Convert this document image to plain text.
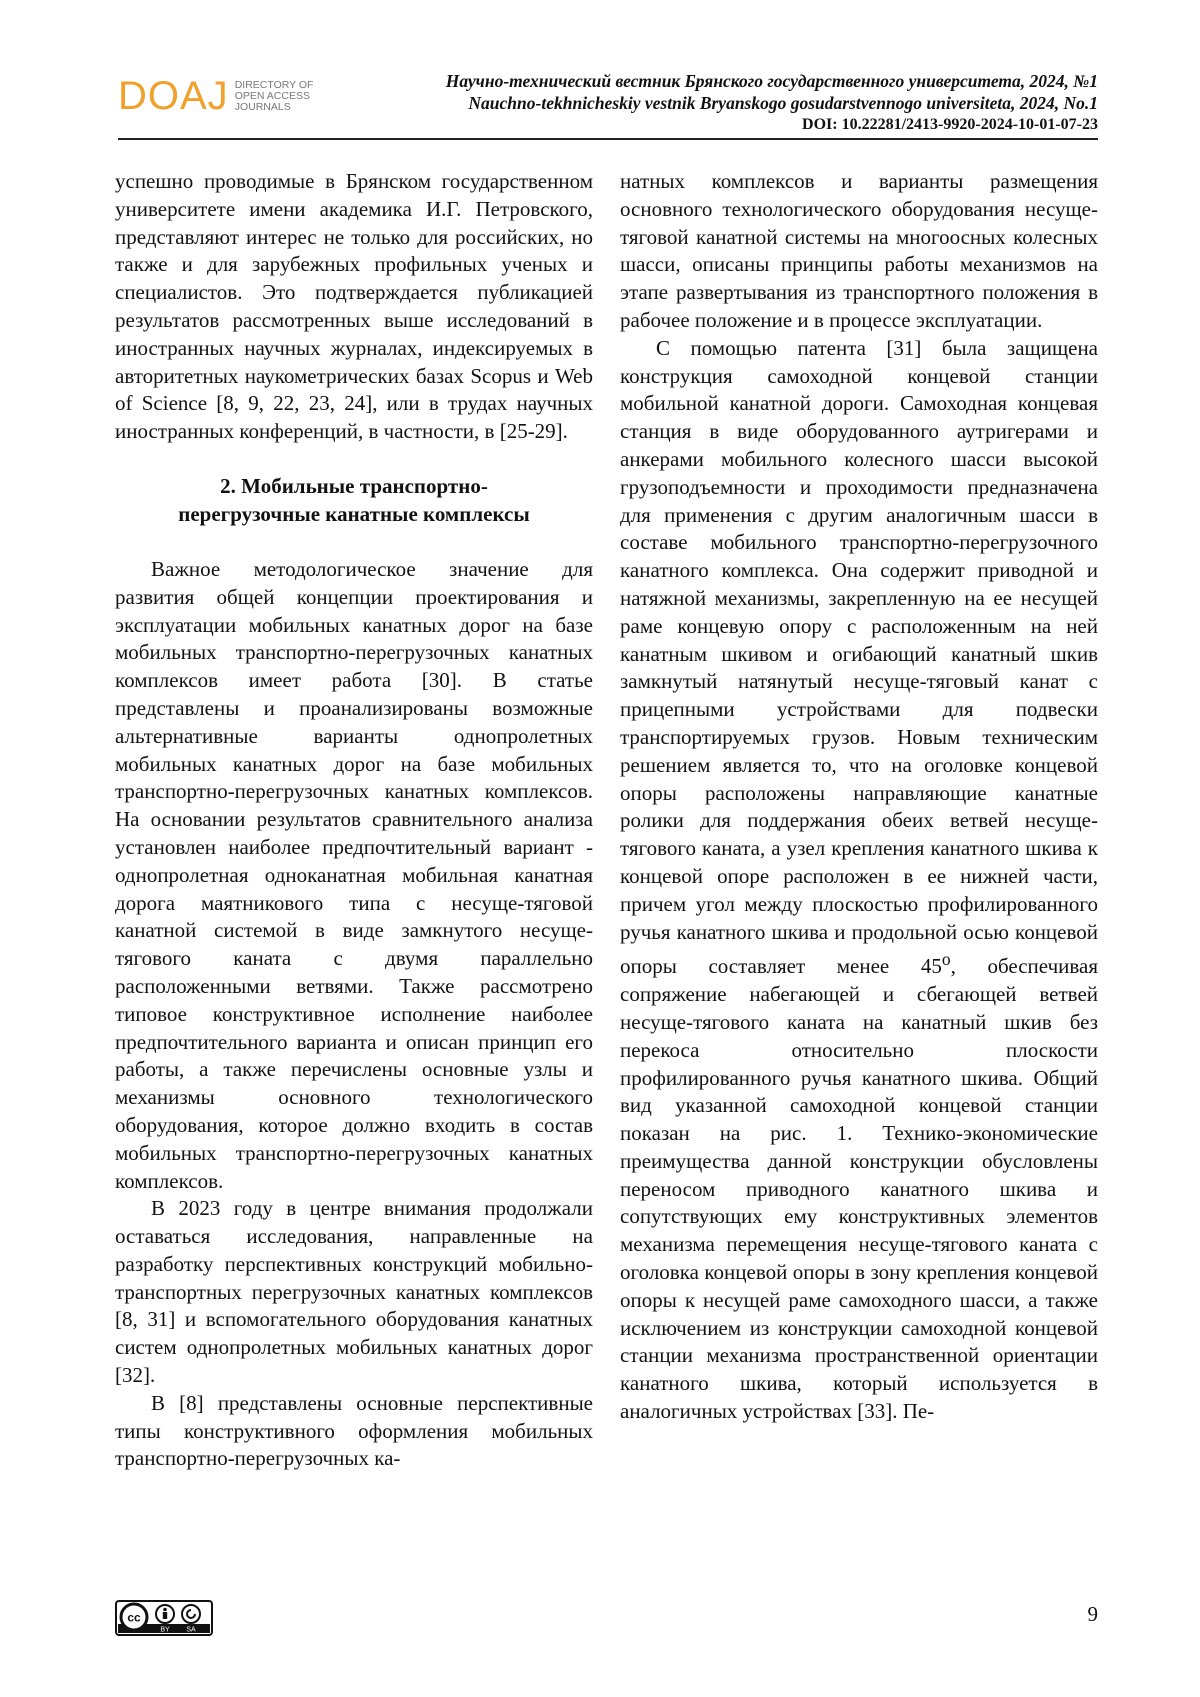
DOAJ DIRECTORY OF
OPEN ACCESS
JOURNALS
Научно-технический вестник Брянского государственного университета, 2024, №1
Nauchno-tekhnicheskiy vestnik Bryanskogo gosudarstvennogo universiteta, 2024, No.1
DOI: 10.22281/2413-9920-2024-10-01-07-23

успешно проводимые в Брянском государственном университете имени академика И.Г. Петровского, представляют интерес не только для российских, но также и для зарубежных профильных ученых и специалистов. Это подтверждается публикацией результатов рассмотренных выше исследований в иностранных научных журналах, индексируемых в авторитетных наукометрических базах Scopus и Web of Science [8, 9, 22, 23, 24], или в трудах научных иностранных конференций, в частности, в [25-29].

2. Мобильные транспортно-
перегрузочные канатные комплексы

Важное методологическое значение для развития общей концепции проектирования и эксплуатации мобильных канатных дорог на базе мобильных транспортно-перегрузочных канатных комплексов имеет работа [30]. В статье представлены и проанализированы возможные альтернативные варианты однопролетных мобильных канатных дорог на базе мобильных транспортно-перегрузочных канатных комплексов. На основании результатов сравнительного анализа установлен наиболее предпочтительный вариант - однопролетная одноканатная мобильная канатная дорога маятникового типа с несуще-тяговой канатной системой в виде замкнутого несуще-тягового каната с двумя параллельно расположенными ветвями. Также рассмотрено типовое конструктивное исполнение наиболее предпочтительного варианта и описан принцип его работы, а также перечислены основные узлы и механизмы основного технологического оборудования, которое должно входить в состав мобильных транспортно-перегрузочных канатных комплексов.

В 2023 году в центре внимания продолжали оставаться исследования, направленные на разработку перспективных конструкций мобильно-транспортных перегрузочных канатных комплексов [8, 31] и вспомогательного оборудования канатных систем однопролетных мобильных канатных дорог [32].

В [8] представлены основные перспективные типы конструктивного оформления мобильных транспортно-перегрузочных ка-

натных комплексов и варианты размещения основного технологического оборудования несуще-тяговой канатной системы на многоосных колесных шасси, описаны принципы работы механизмов на этапе развертывания из транспортного положения в рабочее положение и в процессе эксплуатации.

С помощью патента [31] была защищена конструкция самоходной концевой станции мобильной канатной дороги. Самоходная концевая станция в виде оборудованного аутригерами и анкерами мобильного колесного шасси высокой грузоподъемности и проходимости предназначена для применения с другим аналогичным шасси в составе мобильного транспортно-перегрузочного канатного комплекса. Она содержит приводной и натяжной механизмы, закрепленную на ее несущей раме концевую опору с расположенным на ней канатным шкивом и огибающий канатный шкив замкнутый натянутый несуще-тяговый канат с прицепными устройствами для подвески транспортируемых грузов. Новым техническим решением является то, что на оголовке концевой опоры расположены направляющие канатные ролики для поддержания обеих ветвей несуще-тягового каната, а узел крепления канатного шкива к концевой опоре расположен в ее нижней части, причем угол между плоскостью профилированного ручья канатного шкива и продольной осью концевой опоры составляет менее $45^о$, обеспечивая сопряжение набегающей и сбегающей ветвей несуще-тягового каната на канатный шкив без перекоса относительно плоскости профилированного ручья канатного шкива. Общий вид указанной самоходной концевой станции показан на рис. 1. Технико-экономические преимущества данной конструкции обусловлены переносом приводного канатного шкива и сопутствующих ему конструктивных элементов механизма перемещения несуще-тягового каната с оголовка концевой опоры в зону крепления концевой опоры к несущей раме самоходного шасси, а также исключением из конструкции самоходной концевой станции механизма пространственной ориентации канатного шкива, который используется в аналогичных устройствах [33]. Пе-

cc
BY SA
9
